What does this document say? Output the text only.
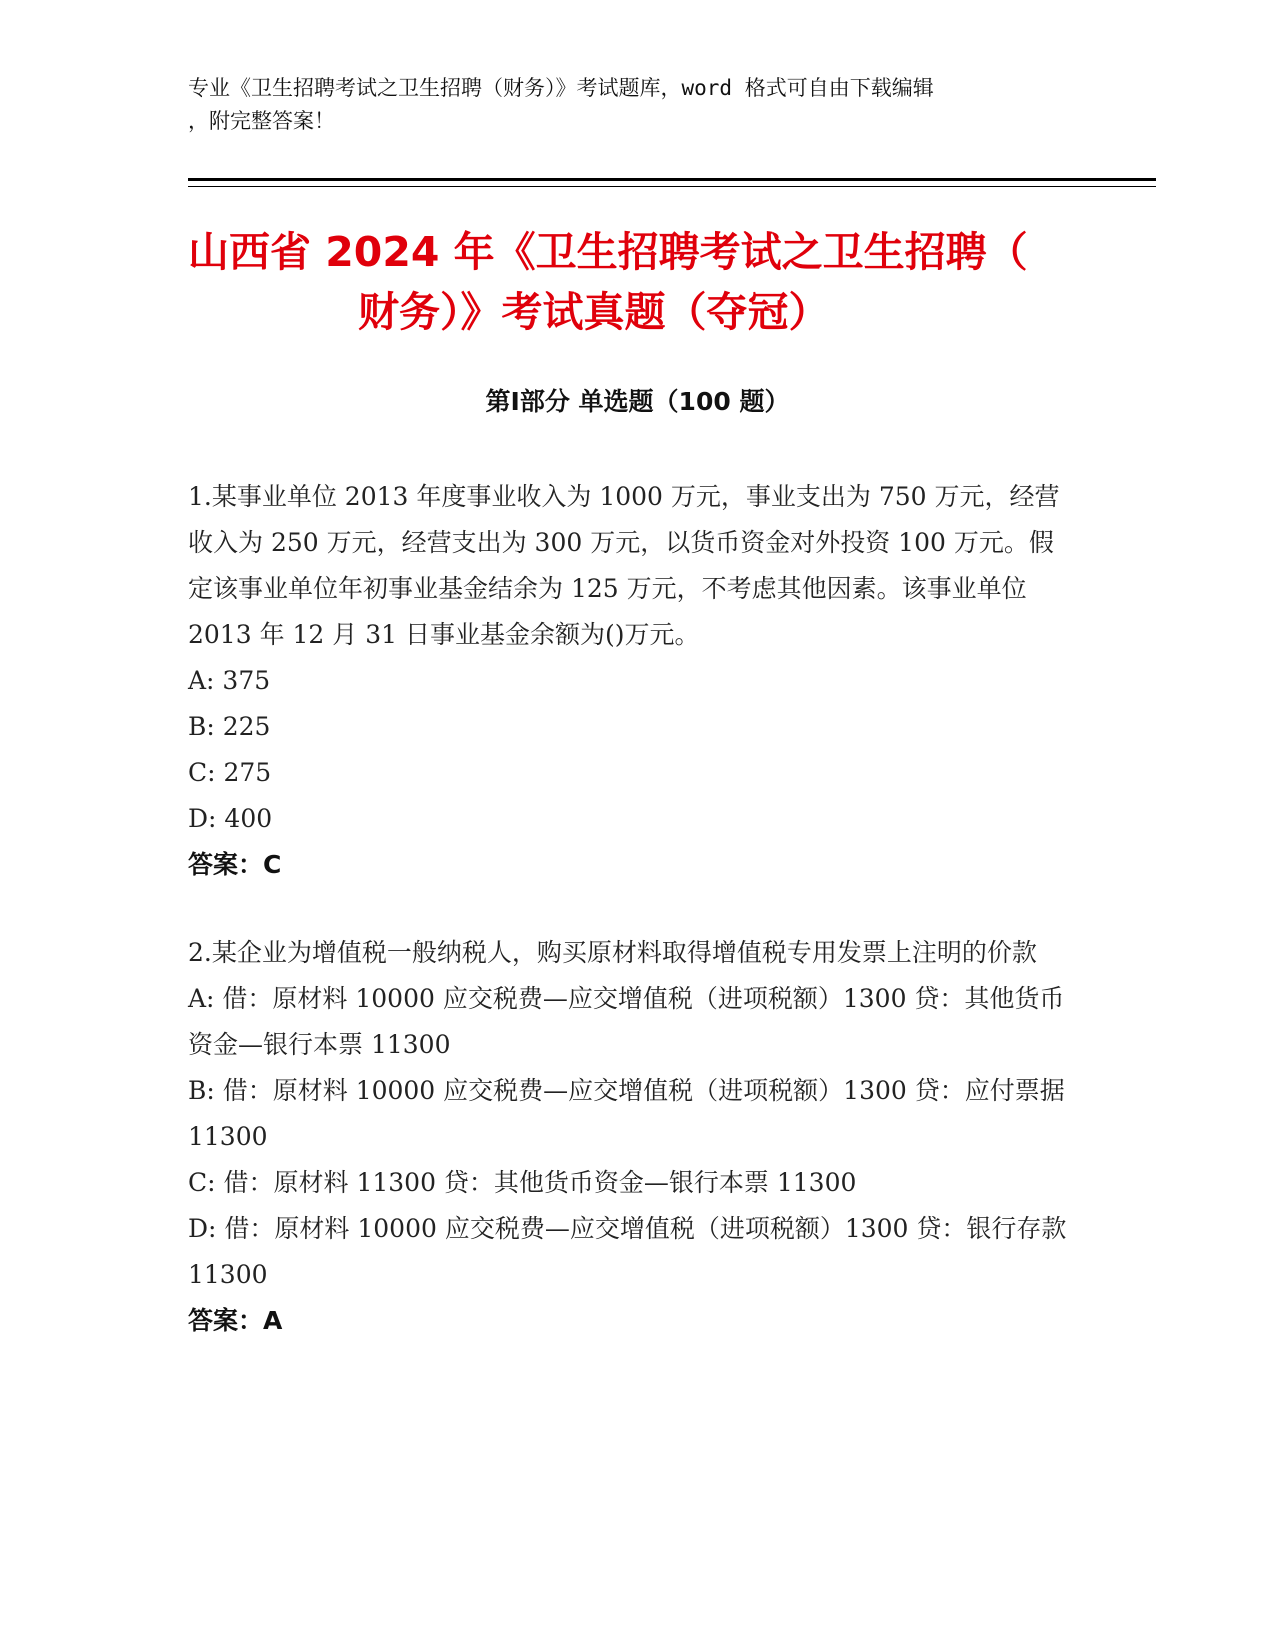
专业《卫生招聘考试之卫生招聘（财务）》考试题库，word 格式可自由下载编辑
，附完整答案！
山西省 2024 年《卫生招聘考试之卫生招聘（
财务）》考试真题（夺冠）
第Ⅰ部分 单选题（100 题）
1.某事业单位 2013 年度事业收入为 1000 万元，事业支出为 750 万元，经营收入为 250 万元，经营支出为 300 万元，以货币资金对外投资 100 万元。假定该事业单位年初事业基金结余为 125 万元，不考虑其他因素。该事业单位 2013 年 12 月 31 日事业基金余额为()万元。
A: 375
B: 225
C: 275
D: 400
答案：C
2.某企业为增值税一般纳税人，购买原材料取得增值税专用发票上注明的价款
A: 借：原材料 10000 应交税费—应交增值税（进项税额）1300 贷：其他货币资金—银行本票 11300
B: 借：原材料 10000 应交税费—应交增值税（进项税额）1300 贷：应付票据 11300
C: 借：原材料 11300 贷：其他货币资金—银行本票 11300
D: 借：原材料 10000 应交税费—应交增值税（进项税额）1300 贷：银行存款 11300
答案：A
